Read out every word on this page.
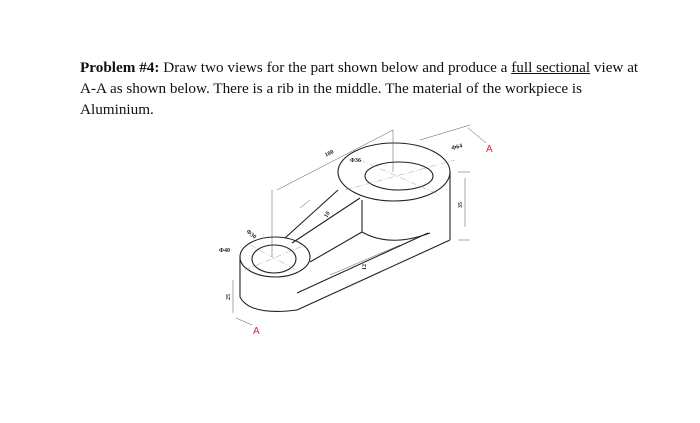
Problem #4: Draw two views for the part shown below and produce a full sectional view at A-A as shown below. There is a rib in the middle. The material of the workpiece is Aluminium.
100
Φ64
Φ36
Φ30
Φ40
35
25
10
12
A
A
